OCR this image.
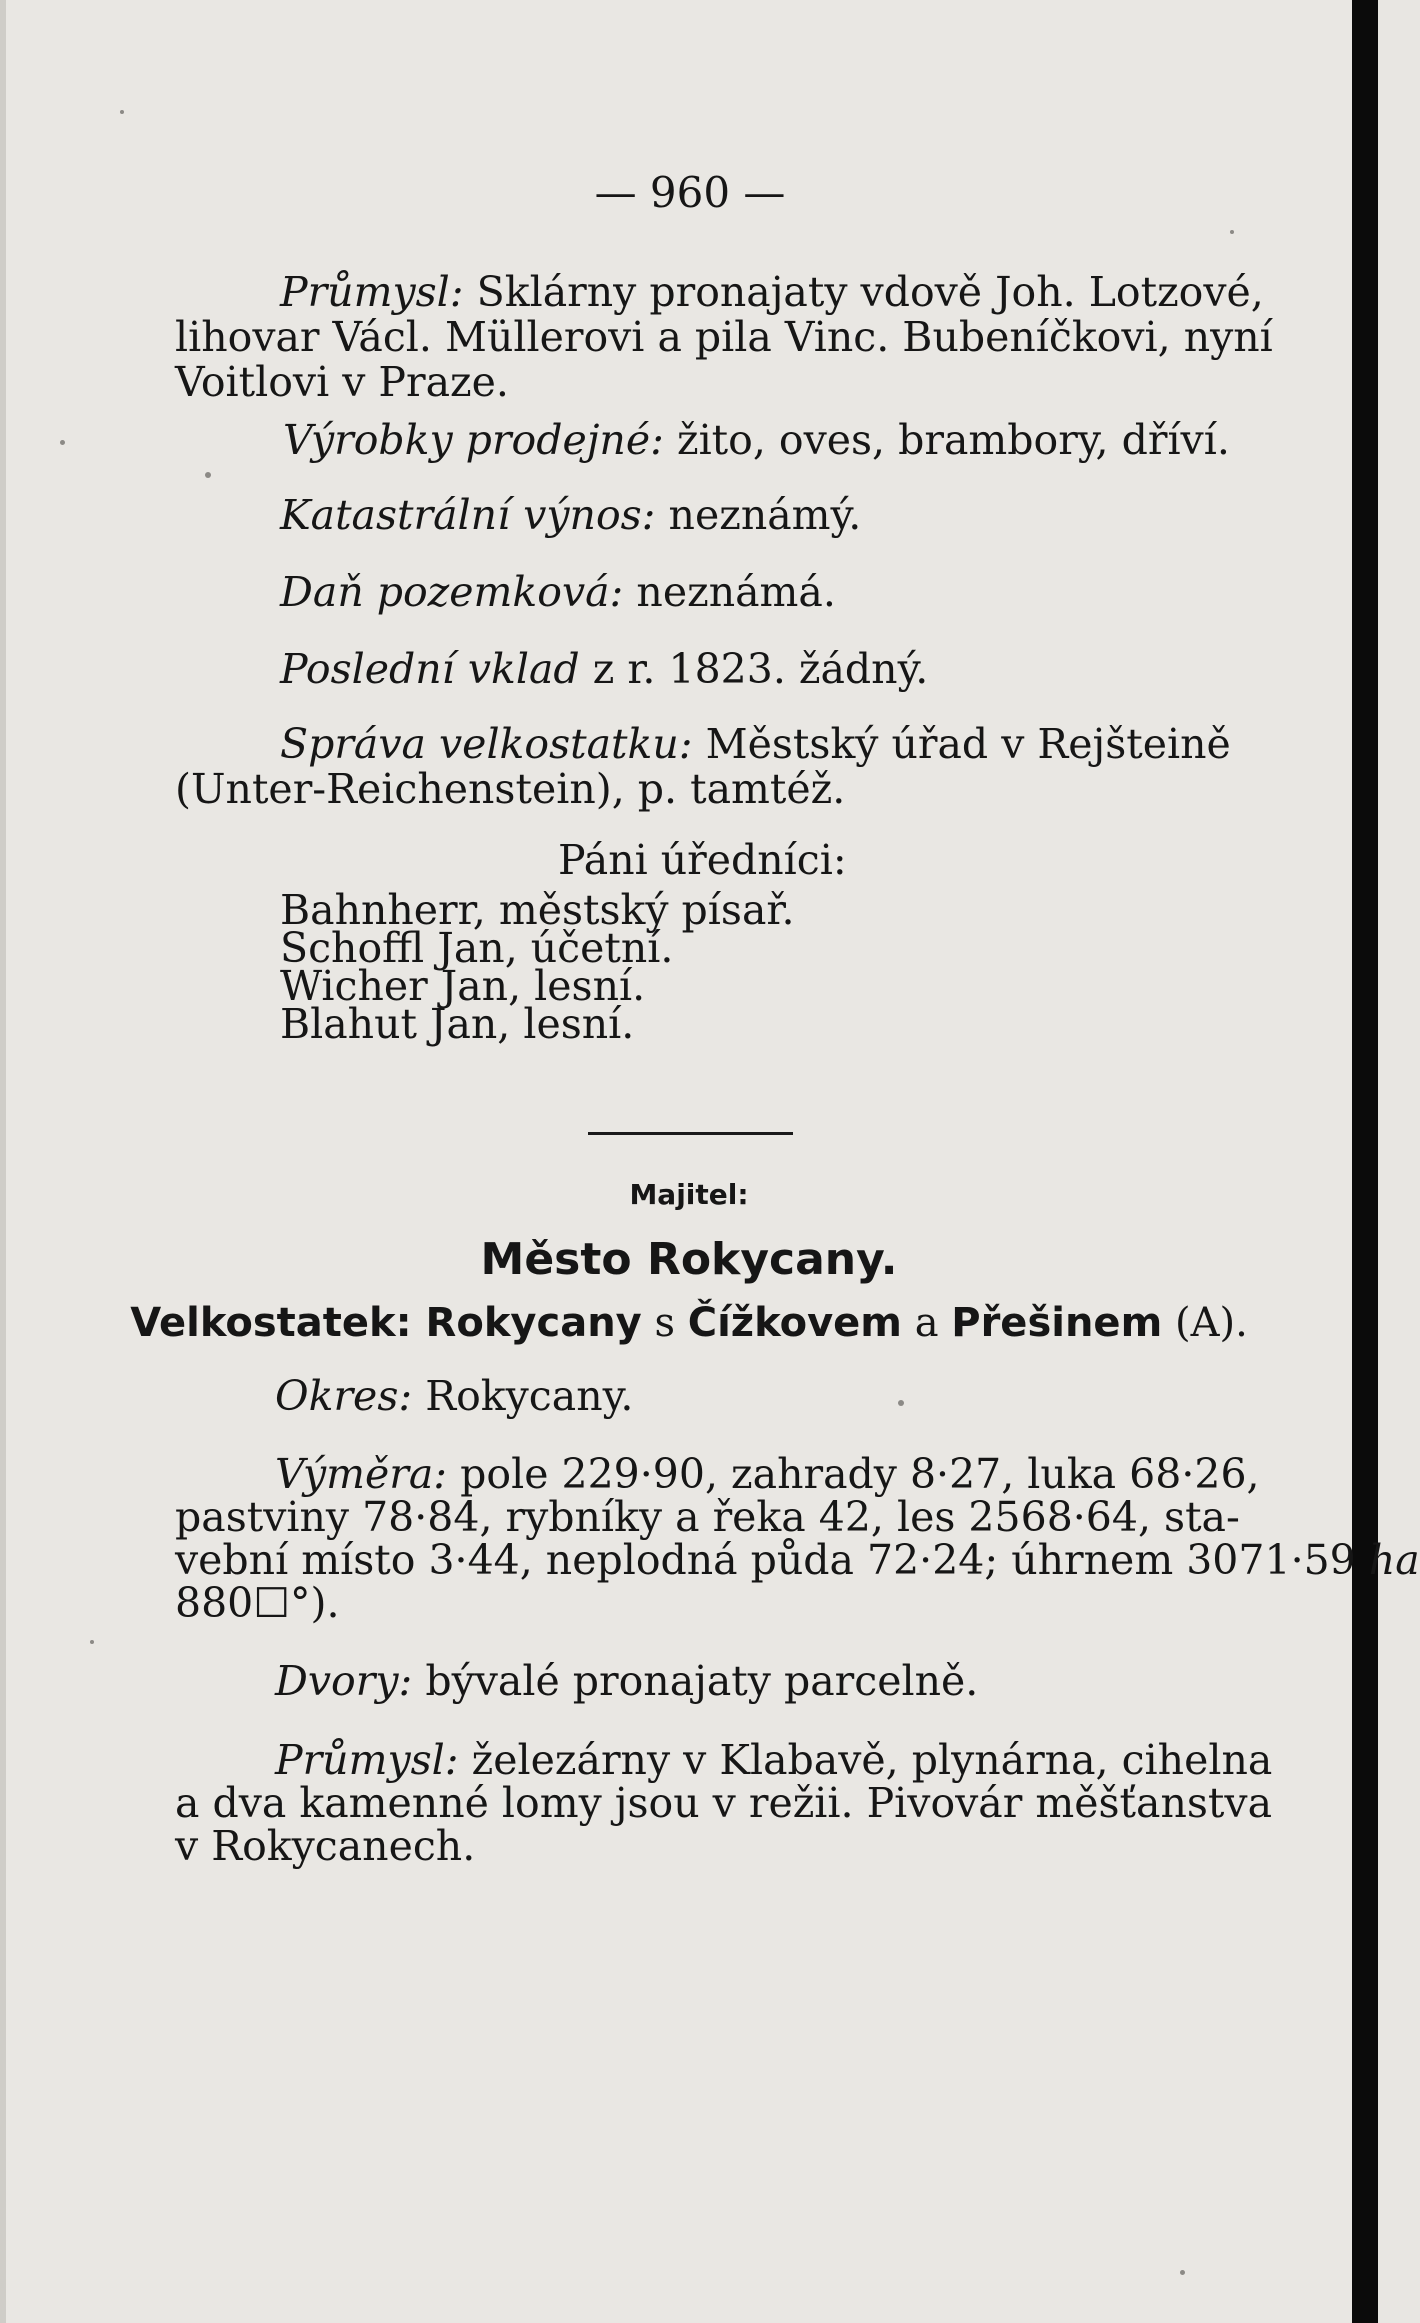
— 960 —
Průmysl: Sklárny pronajaty vdově Joh. Lotzové,
lihovar Václ. Müllerovi a pila Vinc. Bubeníčkovi, nyní
Voitlovi v Praze.
Výrobky prodejné: žito, oves, brambory, dříví.
Katastrální výnos: neznámý.
Daň pozemková: neznámá.
Poslední vklad z r. 1823. žádný.
Správa velkostatku: Městský úřad v Rejšteině
(Unter-Reichenstein), p. tamtéž.
Páni úředníci:
Bahnherr, městský písař.
Schoffl Jan, účetní.
Wicher Jan, lesní.
Blahut Jan, lesní.
Majitel:
Město Rokycany.
Velkostatek: Rokycany s Čížkovem a Přešinem (A).
Okres: Rokycany.
Výměra: pole 229·90, zahrady 8·27, luka 68·26,
pastviny 78·84, rybníky a řeka 42, les 2568·64, sta-
vební místo 3·44, neplodná půda 72·24; úhrnem 3071·59 ha
880☐°).
Dvory: bývalé pronajaty parcelně.
Průmysl: železárny v Klabavě, plynárna, cihelna
a dva kamenné lomy jsou v režii. Pivovár měšťanstva
v Rokycanech.
